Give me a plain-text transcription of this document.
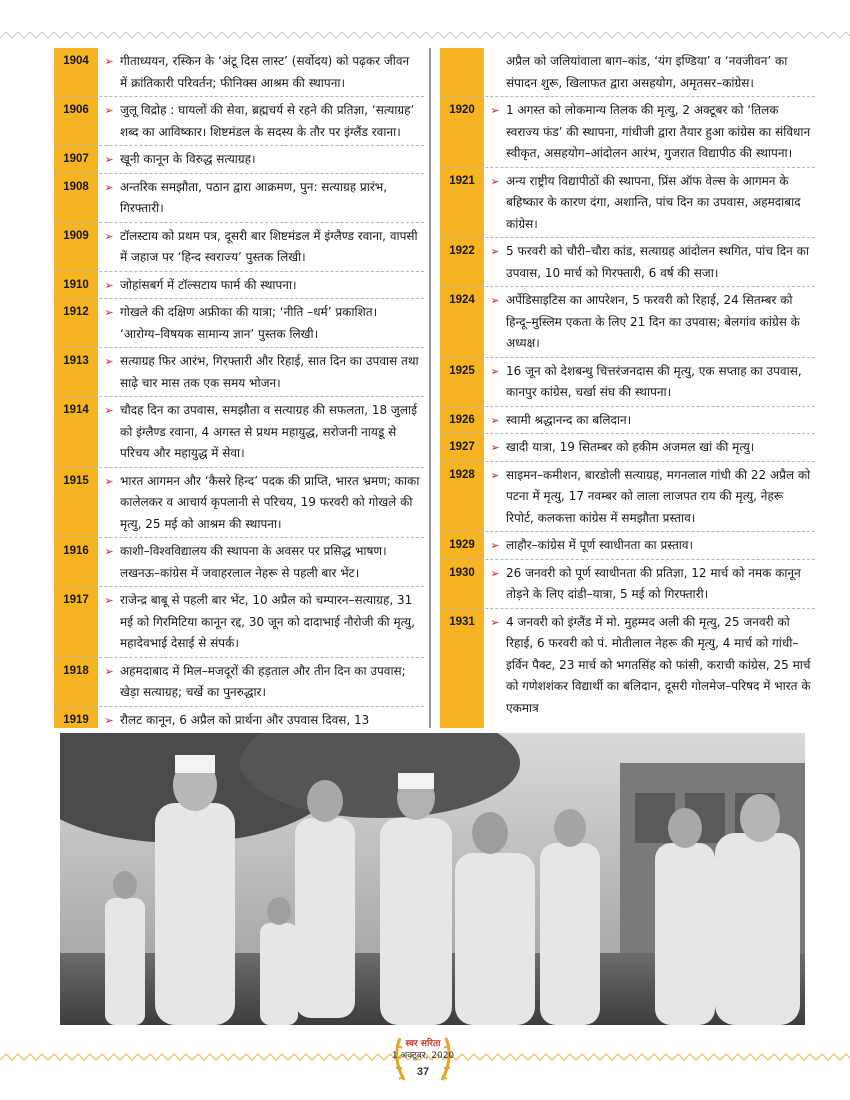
1904	➢ गीताध्ययन, रस्किन के ‘अंटू दिस लास्ट’ (सर्वोदय) को पढ़कर जीवन में क्रांतिकारी परिवर्तन; फीनिक्स आश्रम की स्थापना।
1906	➢ जुलू विद्रोह : घायलों की सेवा, ब्रह्मचर्य से रहने की प्रतिज्ञा, ‘सत्याग्रह’ शब्द का आविष्कार। शिष्टमंडल के सदस्य के तौर पर इंग्लैंड रवाना।
1907	➢ खूनी कानून के विरुद्ध सत्याग्रह।
1908	➢ अन्तरिक समझौता, पठान द्वारा आक्रमण, पुन: सत्याग्रह प्रारंभ, गिरफ्तारी।
1909	➢ टॉलस्टाय को प्रथम पत्र, दूसरी बार शिष्टमंडल में इंग्लैण्ड रवाना, वापसी में जहाज पर ‘हिन्द स्वराज्य’ पुस्तक लिखी।
1910	➢ जोहांसबर्ग में टॉल्सटाय फार्म की स्थापना।
1912	➢ गोखले की दक्षिण अफ्रीका की यात्रा; ‘नीति –धर्म’ प्रकाशित। ‘आरोग्य–विषयक सामान्य ज्ञान’ पुस्तक लिखी।
1913	➢ सत्याग्रह फिर आरंभ, गिरफ्तारी और रिहाई, सात दिन का उपवास तथा साढ़े चार मास तक एक समय भोजन।
1914	➢ चौदह दिन का उपवास, समझौता व सत्याग्रह की सफलता, 18 जुलाई को इंग्लैण्ड रवाना, 4 अगस्त से प्रथम महायुद्ध, सरोजनी नायडू से परिचय और महायुद्ध में सेवा।
1915	➢ भारत आगमन और ‘कैसरे हिन्द’ पदक की प्राप्ति, भारत भ्रमण; काका कालेलकर व आचार्य कृपलानी से परिचय, 19 फरवरी को गोखले की मृत्यु, 25 मई को आश्रम की स्थापना।
1916	➢ काशी–विश्वविद्यालय की स्थापना के अवसर पर प्रसिद्ध भाषण। लखनऊ–कांग्रेस में जवाहरलाल नेहरू से पहली बार भेंट।
1917	➢ राजेन्द्र बाबू से पहली बार भेंट, 10 अप्रैल को चम्पारन–सत्याग्रह, 31 मई को गिरमिटिया कानून रद्द, 30 जून को दादाभाई नौरोजी की मृत्यु, महादेवभाई देसाई से संपर्क।
1918	➢ अहमदाबाद में मिल–मजदूरों की हड़ताल और तीन दिन का उपवास; खेड़ा सत्याग्रह; चर्खे का पुनरुद्धार।
1919	➢ रौलट कानून, 6 अप्रैल को प्रार्थना और उपवास दिवस, 13
अप्रैल को जलियांवाला बाग–कांड, ‘यंग इण्डिया’ व ‘नवजीवन’ का संपादन शुरू, खिलाफत द्वारा असहयोग, अमृतसर–कांग्रेस।
1920	➢ 1 अगस्त को लोकमान्य तिलक की मृत्यु, 2 अक्टूबर को ‘तिलक स्वराज्य फंड’ की स्थापना, गांधीजी द्वारा तैयार हुआ कांग्रेस का संविधान स्वीकृत, असहयोग–आंदोलन आरंभ, गुजरात विद्यापीठ की स्थापना।
1921	➢ अन्य राष्ट्रीय विद्यापीठों की स्थापना, प्रिंस ऑफ वेल्स के आगमन के बहिष्कार के कारण दंगा, अशान्ति, पांच दिन का उपवास, अहमदाबाद कांग्रेस।
1922	➢ 5 फरवरी को चौरी–चौरा कांड, सत्याग्रह आंदोलन स्थगित, पांच दिन का उपवास, 10 मार्च को गिरफ्तारी, 6 वर्ष की सजा।
1924	➢ अर्पेडिसाइटिस का आपरेशन, 5 फरवरी को रिहाई, 24 सितम्बर को हिन्दू–मुस्लिम एकता के लिए 21 दिन का उपवास; बेलगांव कांग्रेस के अध्यक्ष।
1925	➢ 16 जून को देशबन्धु चित्तरंजनदास की मृत्यु, एक सप्ताह का उपवास, कानपुर कांग्रेस, चर्खा संघ की स्थापना।
1926	➢ स्वामी श्रद्धानन्द का बलिदान।
1927	➢ खादी यात्रा, 19 सितम्बर को हकीम अजमल खां की मृत्यु।
1928	➢ साइमन–कमीशन, बारडोली सत्याग्रह, मगनलाल गांधी की 22 अप्रैल को पटना में मृत्यु, 17 नवम्बर को लाला लाजपत राय की मृत्यु, नेहरू रिपोर्ट, कलकत्ता कांग्रेस में समझौता प्रस्ताव।
1929	➢ लाहौर–कांग्रेस में पूर्ण स्वाधीनता का प्रस्ताव।
1930	➢ 26 जनवरी को पूर्ण स्वाधीनता की प्रतिज्ञा, 12 मार्च को नमक कानून तोड़ने के लिए दांडी–यात्रा, 5 मई को गिरफ्तारी।
1931	➢ 4 जनवरी को इंग्लैंड में मो. मुहम्मद अली की मृत्यु, 25 जनवरी को रिहाई, 6 फरवरी को पं. मोतीलाल नेहरू की मृत्यु, 4 मार्च को गांधी–इर्विन पैक्ट, 23 मार्च को भगतसिंह को फांसी, कराची कांग्रेस, 25 मार्च को गणेशशंकर विद्यार्थी का बलिदान, दूसरी गोलमेज–परिषद में भारत के एकमात्र
स्वर सरिता
1 अक्टूबर, 2020
37
